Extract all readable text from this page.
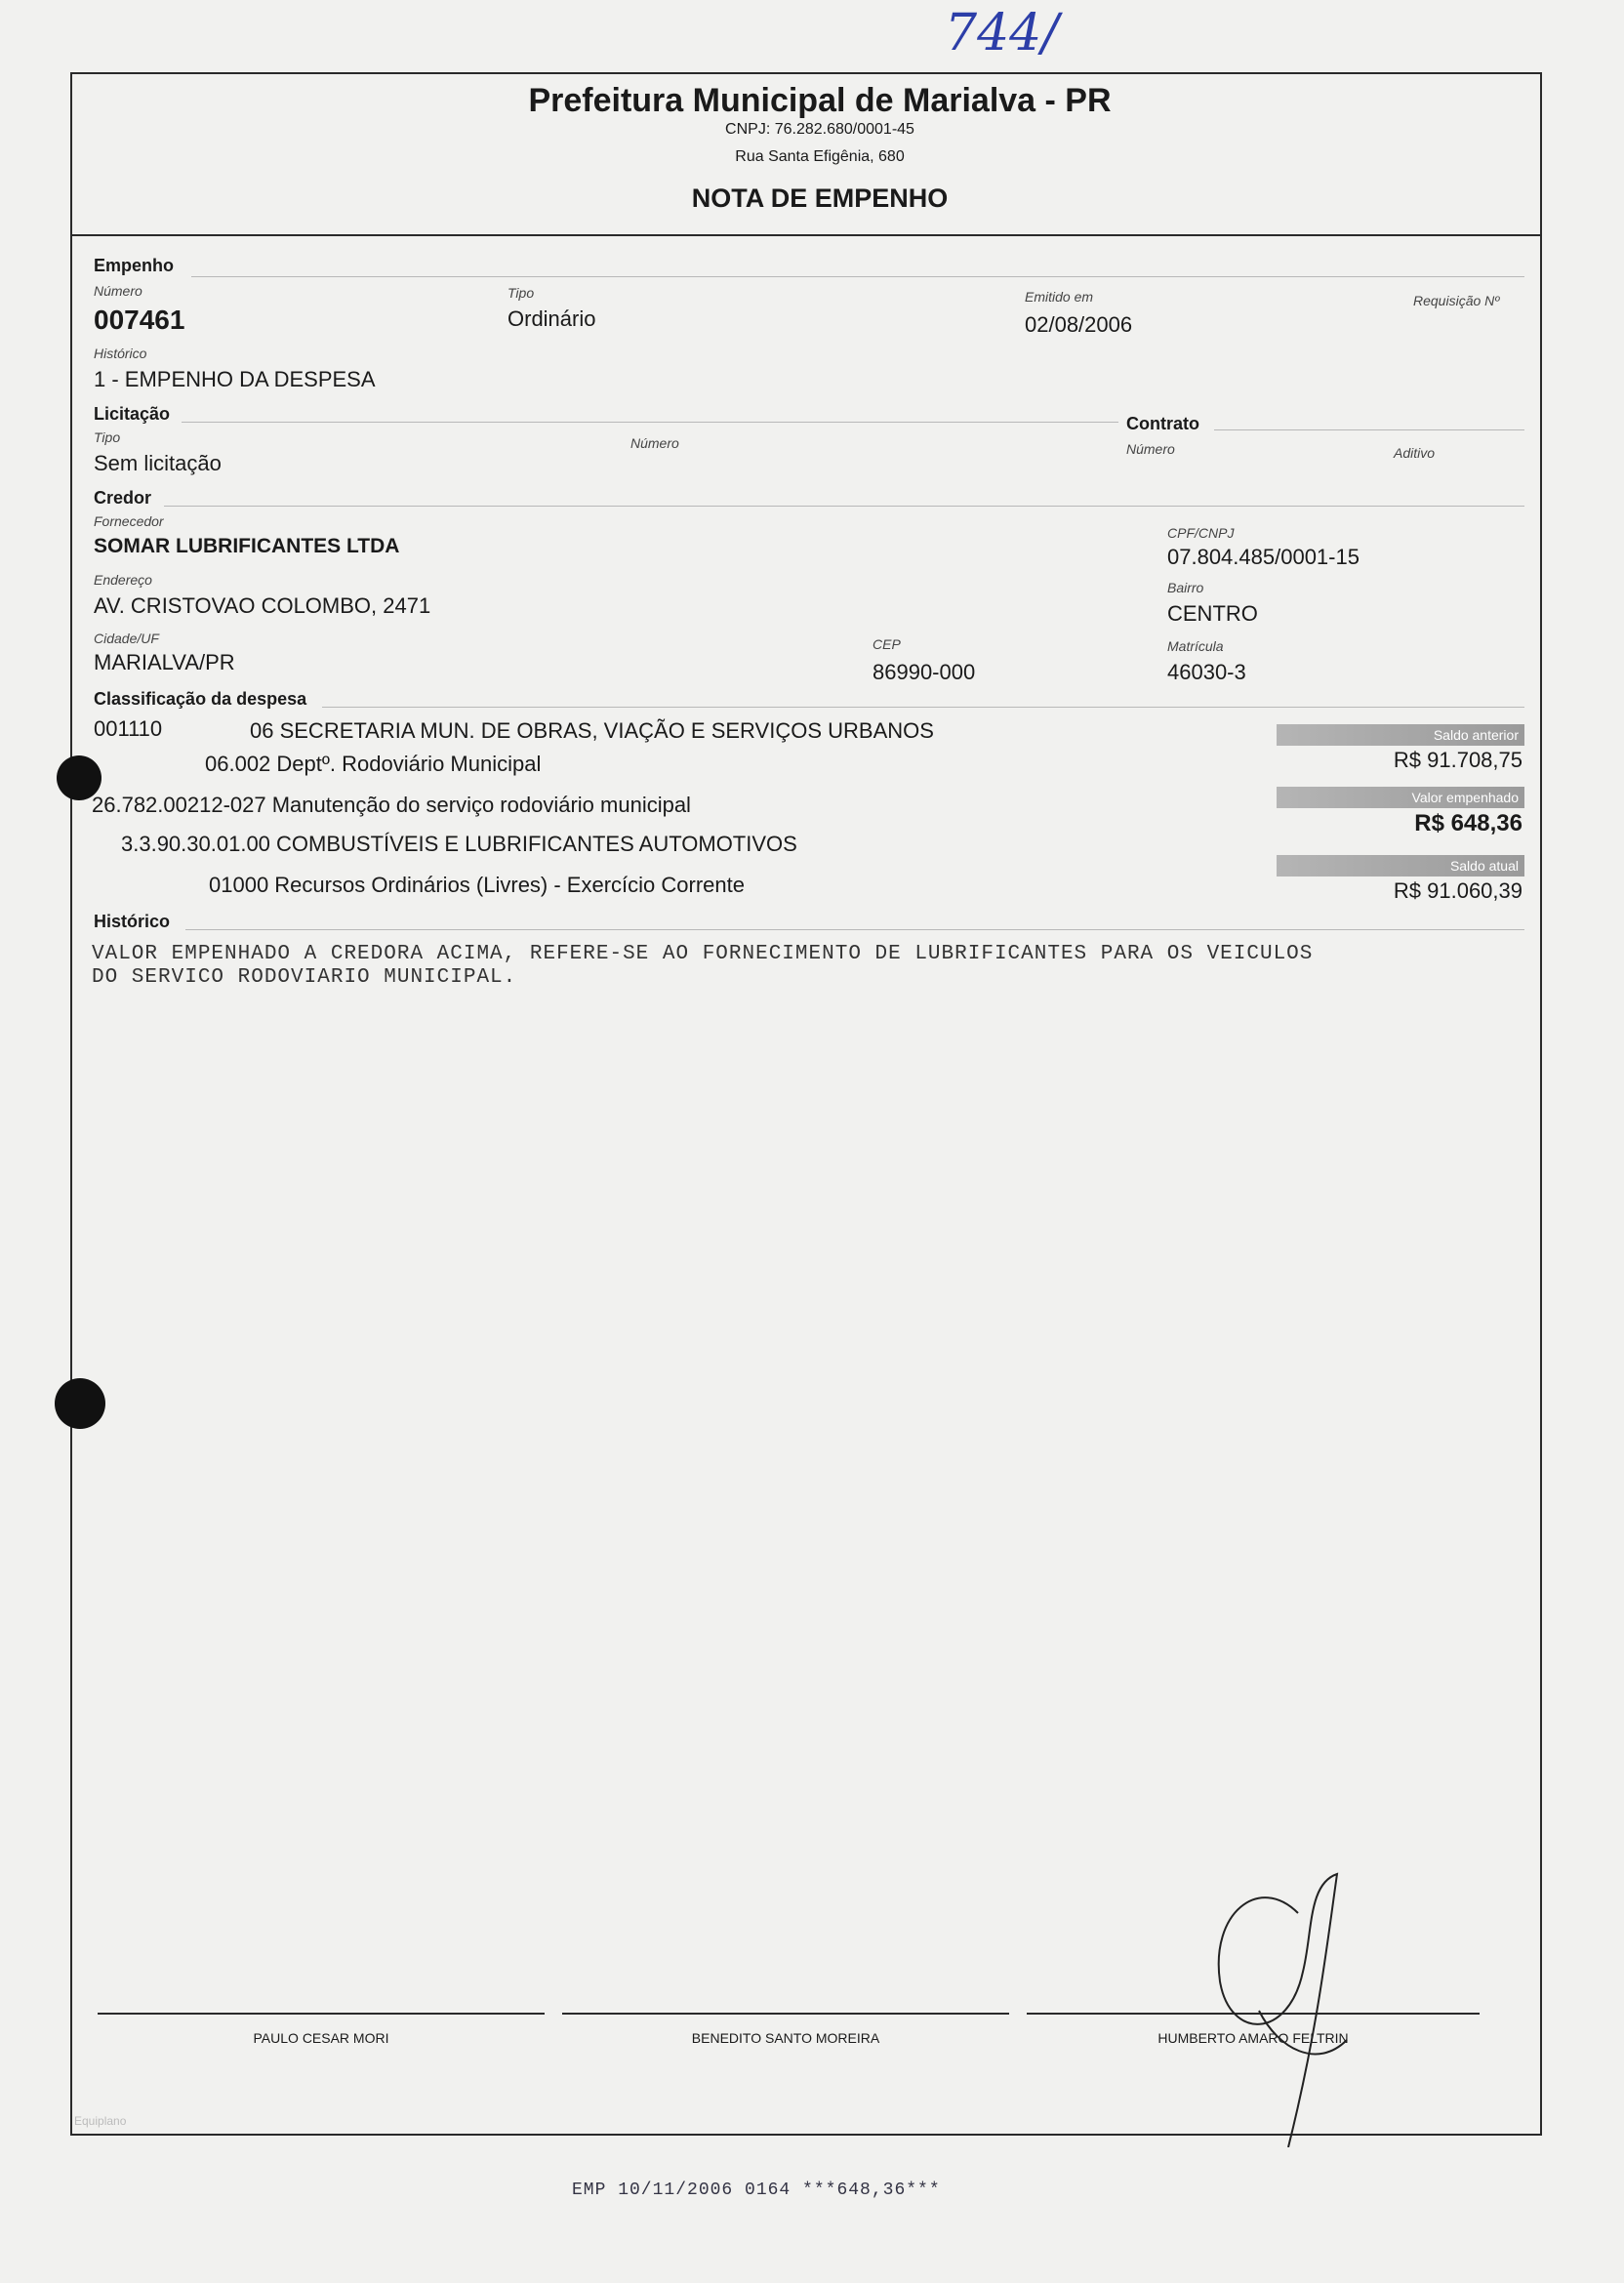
744/
Prefeitura Municipal de Marialva - PR
CNPJ: 76.282.680/0001-45
Rua Santa Efigênia, 680
NOTA DE EMPENHO
Empenho
Número
007461
Tipo
Ordinário
Emitido em
02/08/2006
Requisição Nº
Histórico
1 - EMPENHO DA DESPESA
Licitação
Tipo
Sem licitação
Número
Contrato
Número	Aditivo
Credor
Fornecedor
SOMAR LUBRIFICANTES LTDA
CPF/CNPJ
07.804.485/0001-15
Endereço
AV. CRISTOVAO COLOMBO, 2471
Bairro
CENTRO
Cidade/UF
MARIALVA/PR
CEP
86990-000
Matrícula
46030-3
Classificação da despesa
001110	06 SECRETARIA MUN. DE OBRAS, VIAÇÃO E SERVIÇOS URBANOS
06.002 Deptº. Rodoviário Municipal
26.782.00212-027 Manutenção do serviço rodoviário municipal
3.3.90.30.01.00 COMBUSTÍVEIS E LUBRIFICANTES AUTOMOTIVOS
01000 Recursos Ordinários (Livres) - Exercício Corrente
Saldo anterior
R$ 91.708,75
Valor empenhado
R$ 648,36
Saldo atual
R$ 91.060,39
Histórico
VALOR EMPENHADO A CREDORA ACIMA, REFERE-SE AO FORNECIMENTO DE LUBRIFICANTES PARA OS VEICULOS
DO SERVICO RODOVIARIO MUNICIPAL.
PAULO CESAR MORI	BENEDITO SANTO MOREIRA	HUMBERTO AMARO FELTRIN
Equiplano
EMP 10/11/2006 0164 ***648,36***
